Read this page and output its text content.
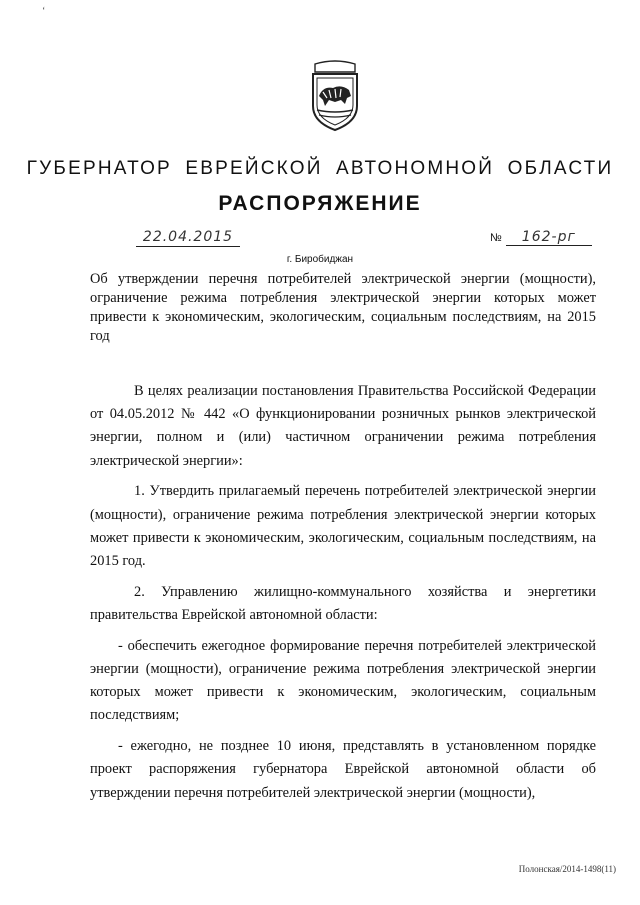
‘
ГУБЕРНАТОР ЕВРЕЙСКОЙ АВТОНОМНОЙ ОБЛАСТИ
РАСПОРЯЖЕНИЕ
22.04.2015	№ 162-рг
г. Биробиджан
Об утверждении перечня потребителей электрической энергии (мощности), ограничение режима потребления электрической энергии которых может привести к экономическим, экологическим, социальным последствиям, на 2015 год

В целях реализации постановления Правительства Российской Федерации от 04.05.2012 № 442 «О функционировании розничных рынков электрической энергии, полном и (или) частичном ограничении режима потребления электрической энергии»:

1. Утвердить прилагаемый перечень потребителей электрической энергии (мощности), ограничение режима потребления электрической энергии которых может привести к экономическим, экологическим, социальным последствиям, на 2015 год.

2. Управлению жилищно-коммунального хозяйства и энергетики правительства Еврейской автономной области:

- обеспечить ежегодное формирование перечня потребителей электрической энергии (мощности), ограничение режима потребления электрической энергии которых может привести к экономическим, экологическим, социальным последствиям;

- ежегодно, не позднее 10 июня, представлять в установленном порядке проект распоряжения губернатора Еврейской автономной области об утверждении перечня потребителей электрической энергии (мощности),

Полонская/2014-1498(11)
